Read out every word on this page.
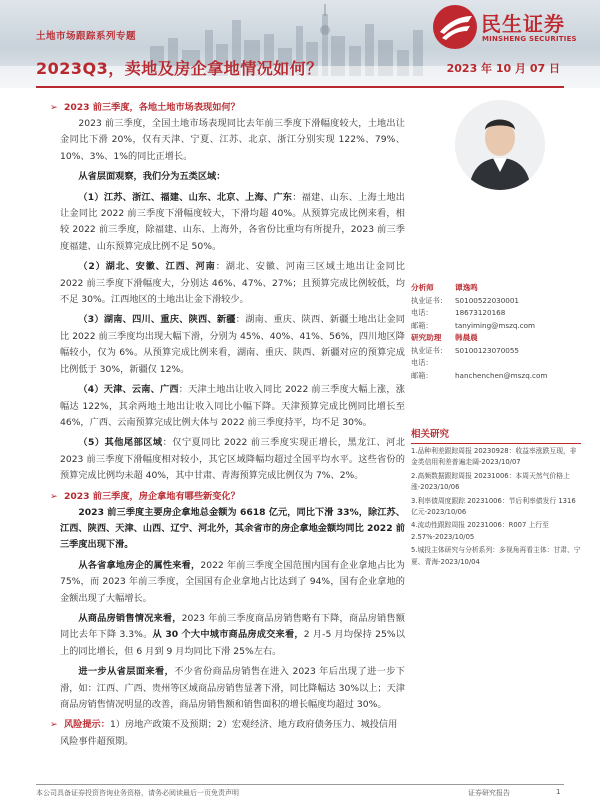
土地市场跟踪系列专题
2023Q3，卖地及房企拿地情况如何？	2023 年 10 月 07 日
民生证券
MINSHENG SECURITIES
➢ 2023 前三季度，各地土地市场表现如何？

2023 前三季度，全国土地市场表现同比去年前三季度下滑幅度较大，土地出让金同比下滑 20%，仅有天津、宁夏、江苏、北京、浙江分别实现 122%、79%、10%、3%、1%的同比正增长。

从省层面观察，我们分为五类区域：

（1）江苏、浙江、福建、山东、北京、上海、广东：福建、山东、上海土地出让金同比 2022 前三季度下滑幅度较大，下滑均超 40%。从预算完成比例来看，相较 2022 前三季度，除福建、山东、上海外，各省份比重均有所提升，2023 前三季度福建、山东预算完成比例不足 50%。

（2）湖北、安徽、江西、河南：湖北、安徽、河南三区域土地出让金同比 2022 前三季度下滑幅度大，分别达 46%、47%、27%；且预算完成比例较低，均不足 30%。江西地区的土地出让金下滑较少。

（3）湖南、四川、重庆、陕西、新疆：湖南、重庆、陕西、新疆土地出让金同比 2022 前三季度均出现大幅下滑，分别为 45%、40%、41%、56%，四川地区降幅较小，仅为 6%。从预算完成比例来看，湖南、重庆、陕西、新疆对应的预算完成比例低于 30%，新疆仅 12%。

（4）天津、云南、广西：天津土地出让收入同比 2022 前三季度大幅上涨，涨幅达 122%，其余两地土地出让收入同比小幅下降。天津预算完成比例同比增长至 46%，广西、云南预算完成比例大体与 2022 前三季度持平，均不足 30%。

（5）其他尾部区域：仅宁夏同比 2022 前三季度实现正增长，黑龙江、河北 2023 前三季度下滑幅度相对较小，其它区域降幅均超过全国平均水平。这些省份的预算完成比例均未超 40%，其中甘肃、青海预算完成比例仅为 7%、2%。

➢ 2023 前三季度，房企拿地有哪些新变化？

2023 前三季度主要房企拿地总金额为 6618 亿元，同比下滑 33%，除江苏、江西、陕西、天津、山西、辽宁、河北外，其余省市的房企拿地金额均同比 2022 前三季度出现下滑。

从各省拿地房企的属性来看，2022 年前三季度全国范围内国有企业拿地占比为 75%，而 2023 年前三季度，全国国有企业拿地占比达到了 94%，国有企业拿地的金额出现了大幅增长。

从商品房销售情况来看，2023 年前三季度商品房销售略有下降，商品房销售额同比去年下降 3.3%。从 30 个大中城市商品房成交来看，2 月-5 月均保持 25%以上的同比增长，但 6 月到 9 月均同比下滑 25%左右。

进一步从省层面来看，不少省份商品房销售在进入 2023 年后出现了进一步下滑，如：江西、广西、贵州等区域商品房销售显著下滑，同比降幅达 30%以上；天津商品房销售情况明显的改善，商品房销售额和销售面积的增长幅度均超过 30%。

➢ 风险提示：1）房地产政策不及预期；2）宏观经济、地方政府债务压力、城投信用风险事件超预期。
分析师	谭逸鸣
执业证书：	S0100522030001
电话：	18673120168
邮箱：	tanyiming@mszq.com
研究助理	韩晨晨
执业证书：	S0100123070055
电话：
邮箱：	hanchenchen@mszq.com
相关研究
1.品种利差跟踪周报 20230928：收益率涨跌互现，非金类信用利差普遍走阔-2023/10/07
2.高频数据跟踪周报 20231006：本周天然气价格上涨-2023/10/06
3.利率债周度跟踪 20231006：节后利率债发行 1316 亿元-2023/10/06
4.流动性跟踪周报 20231006：R007 上行至 2.57%-2023/10/05
5.城投主体研究与分析系列：多视角再看主体：甘肃、宁夏、青海-2023/10/04
本公司具备证券投资咨询业务资格，请务必阅读最后一页免责声明	证券研究报告	1
